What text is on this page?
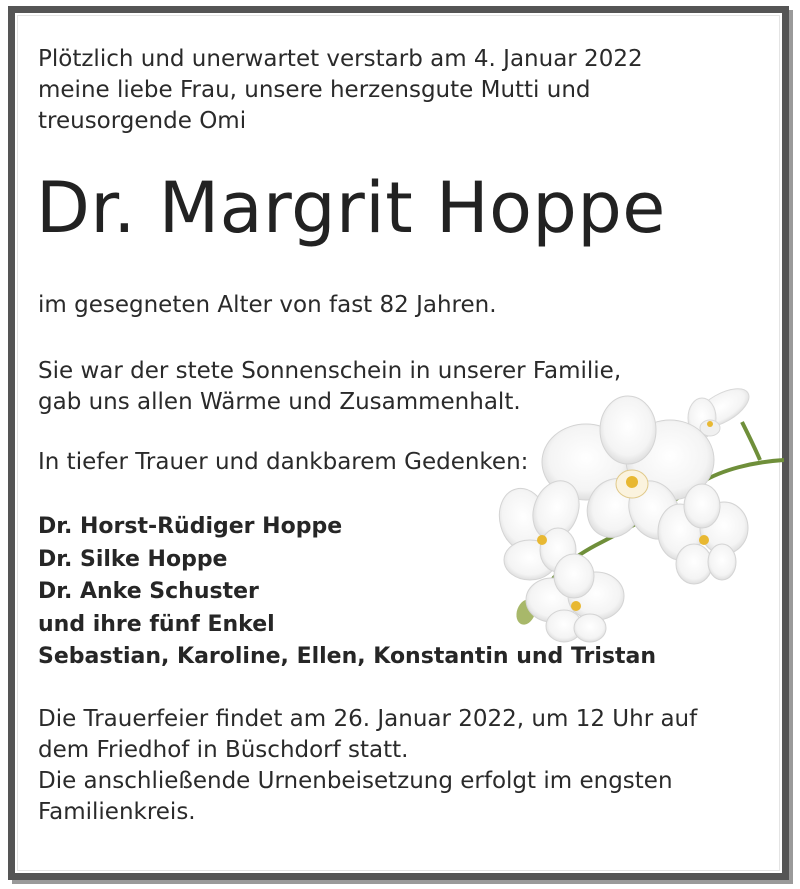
Plötzlich und unerwartet verstarb am 4. Januar 2022
meine liebe Frau, unsere herzensgute Mutti und
treusorgende Omi
Dr. Margrit Hoppe
im gesegneten Alter von fast 82 Jahren.
Sie war der stete Sonnenschein in unserer Familie,
gab uns allen Wärme und Zusammenhalt.
In tiefer Trauer und dankbarem Gedenken:
Dr. Horst-Rüdiger Hoppe
Dr. Silke Hoppe
Dr. Anke Schuster
und ihre fünf Enkel
Sebastian, Karoline, Ellen, Konstantin und Tristan
Die Trauerfeier findet am 26. Januar 2022, um 12 Uhr auf
dem Friedhof in Büschdorf statt.
Die anschließende Urnenbeisetzung erfolgt im engsten
Familienkreis.
